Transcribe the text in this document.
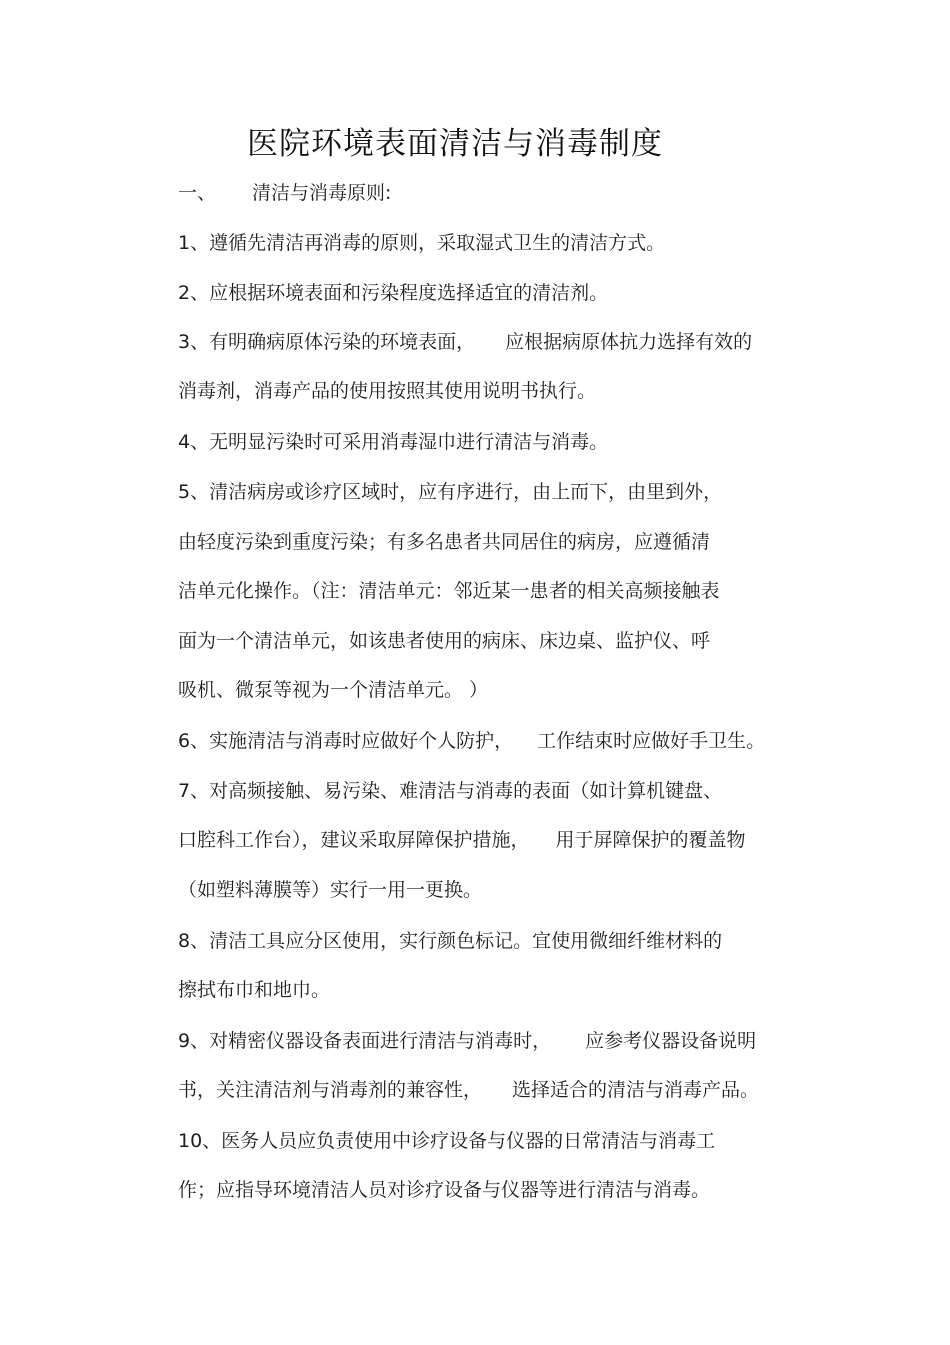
医院环境表面清洁与消毒制度
一、 清洁与消毒原则:
1、遵循先清洁再消毒的原则，采取湿式卫生的清洁方式。
2、应根据环境表面和污染程度选择适宜的清洁剂。
3、有明确病原体污染的环境表面， 应根据病原体抗力选择有效的
消毒剂，消毒产品的使用按照其使用说明书执行。
4、无明显污染时可采用消毒湿巾进行清洁与消毒。
5、清洁病房或诊疗区域时，应有序进行，由上而下，由里到外，
由轻度污染到重度污染；有多名患者共同居住的病房，应遵循清
洁单元化操作。（注：清洁单元：邻近某一患者的相关高频接触表
面为一个清洁单元，如该患者使用的病床、床边桌、监护仪、呼
吸机、微泵等视为一个清洁单元。 ）
6、实施清洁与消毒时应做好个人防护， 工作结束时应做好手卫生。
7、对高频接触、易污染、难清洁与消毒的表面（如计算机键盘、
口腔科工作台），建议采取屏障保护措施， 用于屏障保护的覆盖物
（如塑料薄膜等）实行一用一更换。
8、清洁工具应分区使用，实行颜色标记。宜使用微细纤维材料的
擦拭布巾和地巾。
9、对精密仪器设备表面进行清洁与消毒时， 应参考仪器设备说明
书，关注清洁剂与消毒剂的兼容性， 选择适合的清洁与消毒产品。
10、医务人员应负责使用中诊疗设备与仪器的日常清洁与消毒工
作；应指导环境清洁人员对诊疗设备与仪器等进行清洁与消毒。
